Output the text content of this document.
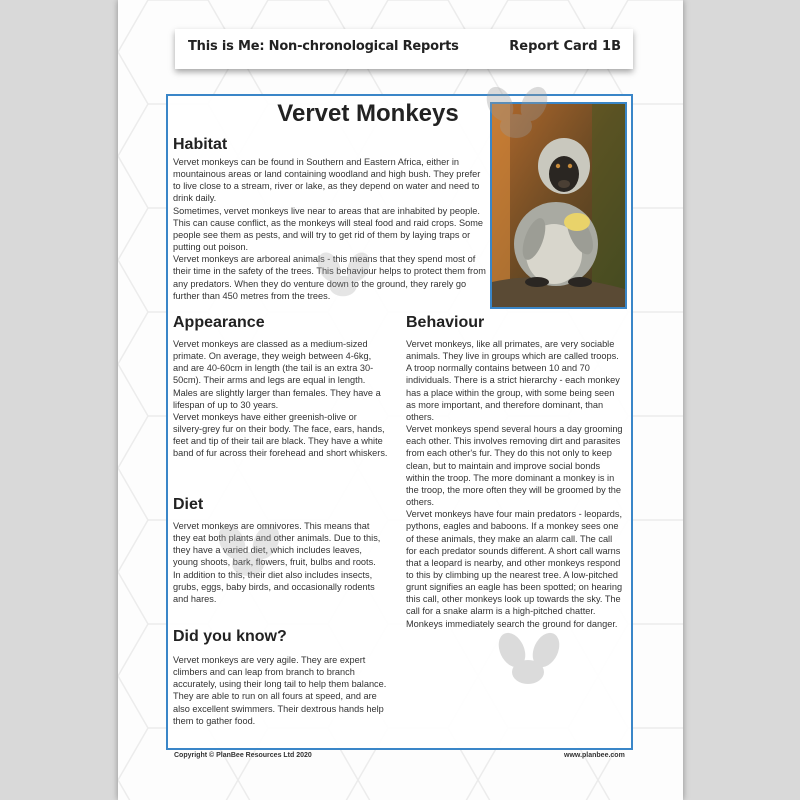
This is Me: Non-chronological Reports	Report Card 1B
Vervet Monkeys
Habitat

Vervet monkeys can be found in Southern and Eastern Africa, either in mountainous areas or land containing woodland and high bush. They prefer to live close to a stream, river or lake, as they depend on water and need to drink daily.

Sometimes, vervet monkeys live near to areas that are inhabited by people. This can cause conflict, as the monkeys will steal food and raid crops. Some people see them as pests, and will try to get rid of them by laying traps or putting out poison.

Vervet monkeys are arboreal animals - this means that they spend most of their time in the safety of the trees. This behaviour helps to protect them from any predators. When they do venture down to the ground, they rarely go further than 450 metres from the trees.

Appearance

Vervet monkeys are classed as a medium-sized primate. On average, they weigh between 4-6kg, and are 40-60cm in length (the tail is an extra 30-50cm). Their arms and legs are equal in length. Males are slightly larger than females. They have a lifespan of up to 30 years.

Vervet monkeys have either greenish-olive or silvery-grey fur on their body. The face, ears, hands, feet and tip of their tail are black. They have a white band of fur across their forehead and short whiskers.

Diet

Vervet monkeys are omnivores. This means that they eat both plants and other animals. Due to this, they have a varied diet, which includes leaves, young shoots, bark, flowers, fruit, bulbs and roots.

In addition to this, their diet also includes insects, grubs, eggs, baby birds, and occasionally rodents and hares.

Did you know?

Vervet monkeys are very agile. They are expert climbers and can leap from branch to branch accurately, using their long tail to help them balance.

They are able to run on all fours at speed, and are also excellent swimmers. Their dextrous hands help them to gather food.

Behaviour

Vervet monkeys, like all primates, are very sociable animals. They live in groups which are called troops. A troop normally contains between 10 and 70 individuals. There is a strict hierarchy - each monkey has a place within the group, with some being seen as more important, and therefore dominant, than others.

Vervet monkeys spend several hours a day grooming each other. This involves removing dirt and parasites from each other's fur. They do this not only to keep clean, but to maintain and improve social bonds within the troop. The more dominant a monkey is in the troop, the more often they will be groomed by the others.

Vervet monkeys have four main predators - leopards, pythons, eagles and baboons. If a monkey sees one of these animals, they make an alarm call. The call for each predator sounds different. A short call warns that a leopard is nearby, and other monkeys respond to this by climbing up the nearest tree. A low-pitched grunt signifies an eagle has been spotted; on hearing this call, other monkeys look up towards the sky. The call for a snake alarm is a high-pitched chatter. Monkeys immediately search the ground for danger.

Copyright © PlanBee Resources Ltd 2020	www.planbee.com
